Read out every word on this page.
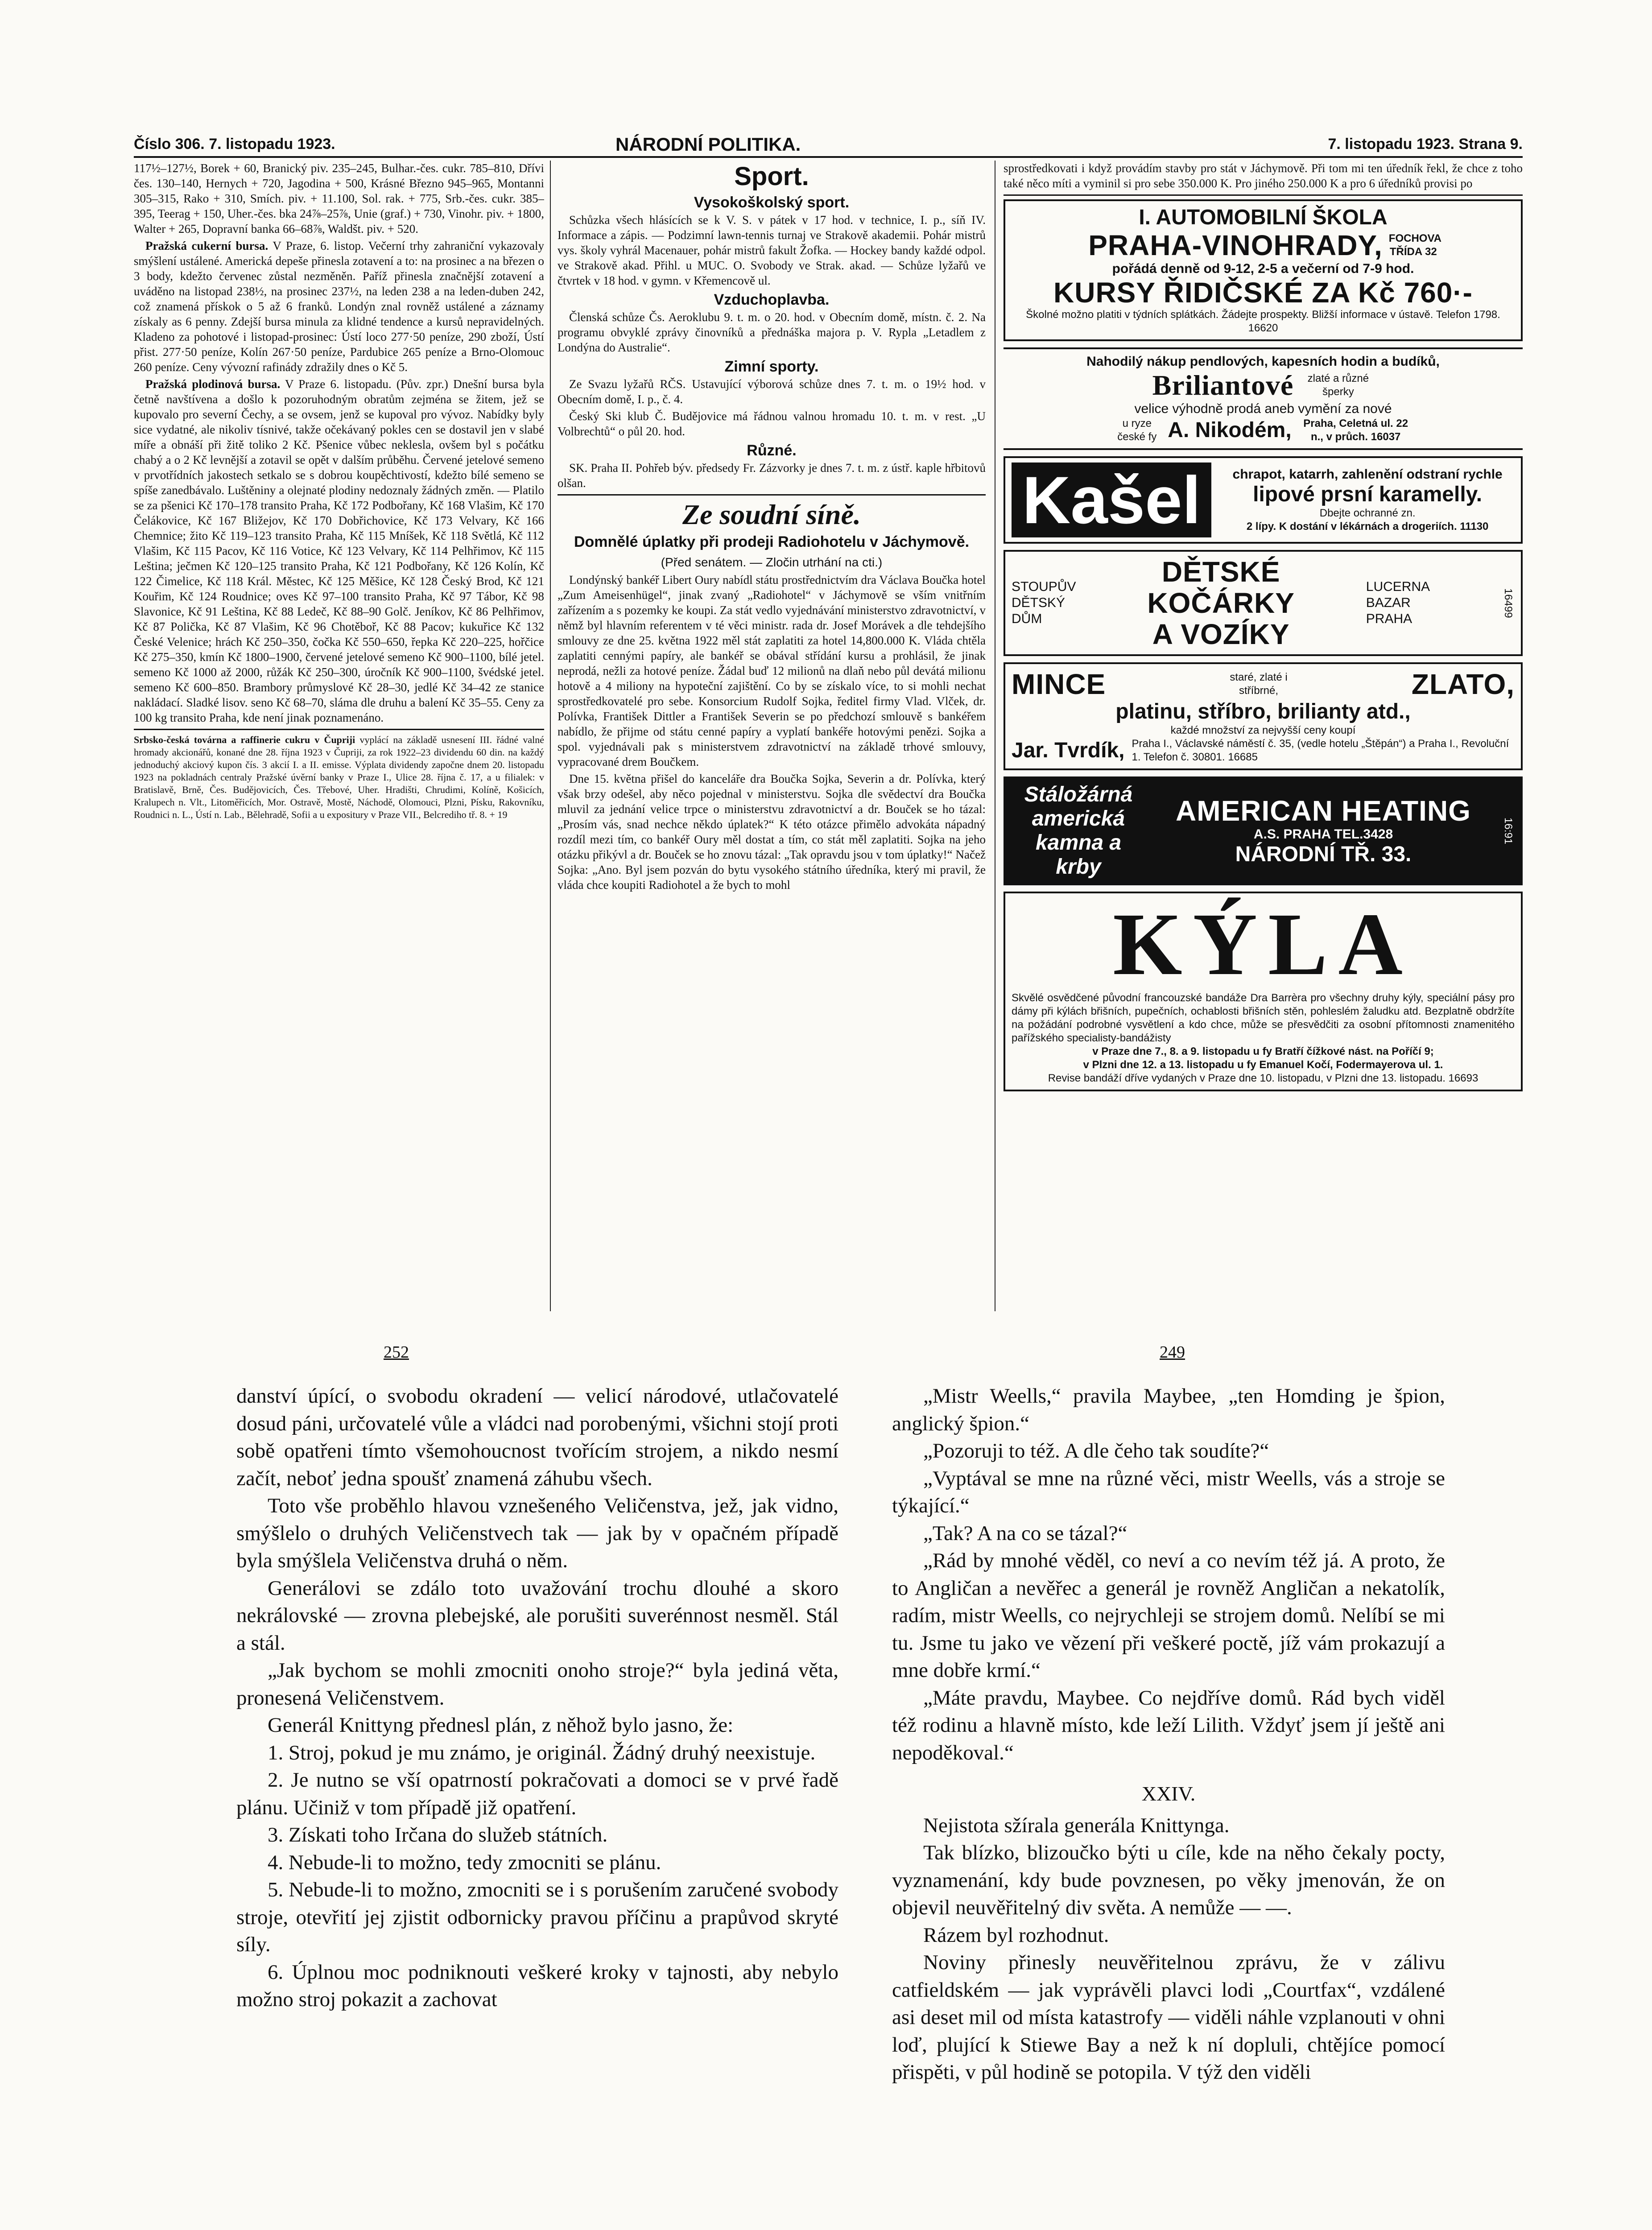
Číslo 306. 7. listopadu 1923.	NÁRODNÍ POLITIKA.	7. listopadu 1923. Strana 9.

117½–127½, Borek + 60, Branický piv. 235–245, Bulhar.-čes. cukr. 785–810, Dřívi čes. 130–140, Hernych + 720, Jagodina + 500, Krásné Březno 945–965, Montanni 305–315, Rako + 310, Smích. piv. + 11.100, Sol. rak. + 775, Srb.-čes. cukr. 385–395, Teerag + 150, Uher.-čes. bka 24⅞–25⅞, Unie (graf.) + 730, Vinohr. piv. + 1800, Walter + 265, Dopravní banka 66–68⅞, Waldšt. piv. + 520.

Pražská cukerní bursa. V Praze, 6. listop. Večerní trhy zahraniční vykazovaly smýšlení ustálené. Americká depeše přinesla zotavení a to: na prosinec a na březen o 3 body, kdežto červenec zůstal nezměněn. Paříž přinesla značnější zotavení a uváděno na listopad 238½, na prosinec 237½, na leden 238 a na leden-duben 242, což znamená přískok o 5 až 6 franků. Londýn znal rovněž ustálené a záznamy získaly as 6 penny. Zdejší bursa minula za klidné tendence a kursů nepravidelných. Kladeno za pohotové i listopad-prosinec: Ústí loco 277·50 peníze, 290 zboží, Ústí přist. 277·50 peníze, Kolín 267·50 peníze, Pardubice 265 peníze a Brno-Olomouc 260 peníze. Ceny vývozní rafinády zdražily dnes o Kč 5.

Pražská plodinová bursa. V Praze 6. listopadu. (Pův. zpr.) Dnešní bursa byla četně navštívena a došlo k pozoruhodným obratům zejména se žitem, jež se kupovalo pro severní Čechy, a se ovsem, jenž se kupoval pro vývoz. Nabídky byly sice vydatné, ale nikoliv tísnivé, takže očekávaný pokles cen se dostavil jen v slabé míře a obnáší při žitě toliko 2 Kč. Pšenice vůbec neklesla, ovšem byl s počátku chabý a o 2 Kč levnější a zotavil se opět v dalším průběhu. Červené jetelové semeno v prvotřídních jakostech setkalo se s dobrou koupěchtivostí, kdežto bílé semeno se spíše zanedbávalo. Luštěniny a olejnaté plodiny nedoznaly žádných změn. — Platilo se za pšenici Kč 170–178 transito Praha, Kč 172 Podbořany, Kč 168 Vlašim, Kč 170 Čelákovice, Kč 167 Bližejov, Kč 170 Dobřichovice, Kč 173 Velvary, Kč 166 Chemnice; žito Kč 119–123 transito Praha, Kč 115 Mníšek, Kč 118 Světlá, Kč 112 Vlašim, Kč 115 Pacov, Kč 116 Votice, Kč 123 Velvary, Kč 114 Pelhřimov, Kč 115 Leština; ječmen Kč 120–125 transito Praha, Kč 121 Podbořany, Kč 126 Kolín, Kč 122 Čimelice, Kč 118 Král. Městec, Kč 125 Měšice, Kč 128 Český Brod, Kč 121 Kouřim, Kč 124 Roudnice; oves Kč 97–100 transito Praha, Kč 97 Tábor, Kč 98 Slavonice, Kč 91 Leština, Kč 88 Ledeč, Kč 88–90 Golč. Jeníkov, Kč 86 Pelhřimov, Kč 87 Polička, Kč 87 Vlašim, Kč 96 Chotěboř, Kč 88 Pacov; kukuřice Kč 132 České Velenice; hrách Kč 250–350, čočka Kč 550–650, řepka Kč 220–225, hořčice Kč 275–350, kmín Kč 1800–1900, červené jetelové semeno Kč 900–1100, bílé jetel. semeno Kč 1000 až 2000, růžák Kč 250–300, úročník Kč 900–1100, švédské jetel. semeno Kč 600–850. Brambory průmyslové Kč 28–30, jedlé Kč 34–42 ze stanice nakládací. Sladké lisov. seno Kč 68–70, sláma dle druhu a balení Kč 35–55. Ceny za 100 kg transito Praha, kde není jinak poznamenáno.

Srbsko-česká továrna a raffinerie cukru v Čupriji vyplácí na základě usnesení III. řádné valné hromady akcionářů, konané dne 28. října 1923 v Čupriji, za rok 1922–23 dividendu 60 din. na každý jednoduchý akciový kupon čís. 3 akcií I. a II. emisse. Výplata dividendy započne dnem 20. listopadu 1923 na pokladnách centraly Pražské úvěrní banky v Praze I., Ulice 28. října č. 17, a u filialek: v Bratislavě, Brně, Čes. Budějovicích, Čes. Třebové, Uher. Hradišti, Chrudimi, Kolíně, Košicích, Kralupech n. Vlt., Litoměřicích, Mor. Ostravě, Mostě, Náchodě, Olomouci, Plzni, Písku, Rakovníku, Roudnici n. L., Ústí n. Lab., Bělehradě, Sofii a u expositury v Praze VII., Belcrediho tř. 8. + 19

Sport.
Vysokoškolský sport.

Schůzka všech hlásících se k V. S. v pátek v 17 hod. v technice, I. p., síň IV. Informace a zápis. — Podzimní lawn-tennis turnaj ve Strakově akademii. Pohár mistrů vys. školy vyhrál Macenauer, pohár mistrů fakult Žofka. — Hockey bandy každé odpol. ve Strakově akad. Přihl. u MUC. O. Svobody ve Strak. akad. — Schůze lyžařů ve čtvrtek v 18 hod. v gymn. v Křemencově ul.

Vzduchoplavba.

Členská schůze Čs. Aeroklubu 9. t. m. o 20. hod. v Obecním domě, místn. č. 2. Na programu obvyklé zprávy činovníků a přednáška majora p. V. Rypla „Letadlem z Londýna do Australie“.

Zimní sporty.

Ze Svazu lyžařů RČS. Ustavující výborová schůze dnes 7. t. m. o 19½ hod. v Obecním domě, I. p., č. 4.

Český Ski klub Č. Budějovice má řádnou valnou hromadu 10. t. m. v rest. „U Volbrechtů“ o půl 20. hod.

Různé.

SK. Praha II. Pohřeb býv. předsedy Fr. Zázvorky je dnes 7. t. m. z ústř. kaple hřbitovů olšan.

Ze soudní síně.
Domnělé úplatky při prodeji Radiohotelu v Jáchymově.
(Před senátem. — Zločin utrhání na cti.)

Londýnský bankéř Libert Oury nabídl státu prostřednictvím dra Václava Boučka hotel „Zum Ameisenhügel“, jinak zvaný „Radiohotel“ v Jáchymově se vším vnitřním zařízením a s pozemky ke koupi. Za stát vedlo vyjednávání ministerstvo zdravotnictví, v němž byl hlavním referentem v té věci ministr. rada dr. Josef Morávek a dle tehdejšího smlouvy ze dne 25. května 1922 měl stát zaplatiti za hotel 14,800.000 K. Vláda chtěla zaplatiti cennými papíry, ale bankéř se obával střídání kursu a prohlásil, že jinak neprodá, nežli za hotové peníze. Žádal buď 12 milionů na dlaň nebo půl devátá milionu hotově a 4 miliony na hypoteční zajištění. Co by se získalo více, to si mohli nechat sprostředkovatelé pro sebe. Konsorcium Rudolf Sojka, ředitel firmy Vlad. Vlček, dr. Polívka, František Dittler a František Severin se po předchozí smlouvě s bankéřem nabídlo, že přijme od státu cenné papíry a vyplatí bankéře hotovými penězi. Sojka a spol. vyjednávali pak s ministerstvem zdravotnictví na základě trhové smlouvy, vypracované drem Boučkem.

Dne 15. května přišel do kanceláře dra Boučka Sojka, Severin a dr. Polívka, který však brzy odešel, aby něco pojednal v ministerstvu. Sojka dle svědectví dra Boučka mluvil za jednání velice trpce o ministerstvu zdravotnictví a dr. Bouček se ho tázal: „Prosím vás, snad nechce někdo úplatek?“ K této otázce přimělo advokáta nápadný rozdíl mezi tím, co bankéř Oury měl dostat a tím, co stát měl zaplatiti. Sojka na jeho otázku přikývl a dr. Bouček se ho znovu tázal: „Tak opravdu jsou v tom úplatky!“ Načež Sojka: „Ano. Byl jsem pozván do bytu vysokého státního úředníka, který mi pravil, že vláda chce koupiti Radiohotel a že bych to mohl

sprostředkovati i když provádím stavby pro stát v Jáchymově. Při tom mi ten úředník řekl, že chce z toho také něco míti a vyminil si pro sebe 350.000 K. Pro jiného 250.000 K a pro 6 úředníků provisi po

I. AUTOMOBILNÍ ŠKOLA
PRAHA-VINOHRADY, FOCHOVA TŘÍDA 32
pořádá denně od 9-12, 2-5 a večerní od 7-9 hod.
KURSY ŘIDIČSKÉ ZA Kč 760·-
Školné možno platiti v týdních splátkách. Žádejte prospekty. Bližší informace v ústavě. Telefon 1798. 16620
Nahodilý nákup pendlových, kapesních hodin a budíků,
Briliantové	zlaté a různé šperky
velice výhodně prodá aneb vymění za nové
u ryze české fy A. Nikodém,	Praha, Celetná ul. 22 n., v průch. 16037
Kašel	chrapot, katarrh, zahlenění odstraní rychle
lipové prsní karamelly.
Dbejte ochranné zn.
2 lípy. K dostání v lékárnách a drogeriích. 11130
STOUPŮV
DĚTSKÝ
DŮM
DĚTSKÉ
KOČÁRKY
A VOZÍKY
LUCERNA
BAZAR
PRAHA
16499
MINCE	staré, zlaté i stříbrné,	ZLATO,
platinu, stříbro, brilianty atd.,
každé množství za nejvyšší ceny koupí
Jar. Tvrdík, Praha I., Václavské náměstí č. 35, (vedle hotelu „Štěpán“) a Praha I., Revoluční 1. Telefon č. 30801. 16685
Stáložárná americká kamna a krby
AMERICAN HEATING
A.S. PRAHA TEL.3428
NÁRODNÍ TŘ. 33.
16:91
KÝLA
Skvělé osvědčené původní francouzské bandáže Dra Barrèra pro všechny druhy kýly, speciální pásy pro dámy při kýlách břišních, pupečních, ochablosti břišních stěn, pohleslém žaludku atd. Bezplatně obdržíte na požádání podrobné vysvětlení a kdo chce, může se přesvědčiti za osobní přítomnosti znamenitého pařížského specialisty-bandážisty
v Praze dne 7., 8. a 9. listopadu u fy Bratří čížkové nást. na Poříčí 9;
v Plzni dne 12. a 13. listopadu u fy Emanuel Kočí, Fodermayerova ul. 1.
Revise bandáží dříve vydaných v Praze dne 10. listopadu, v Plzni dne 13. listopadu. 16693
252	249

danství úpící, o svobodu okradení — velicí národové, utlačovatelé dosud páni, určovatelé vůle a vládci nad porobenými, všichni stojí proti sobě opatřeni tímto všemohoucnost tvořícím strojem, a nikdo nesmí začít, neboť jedna spoušť znamená záhubu všech.

Toto vše proběhlo hlavou vznešeného Veličenstva, jež, jak vidno, smýšlelo o druhých Veličenstvech tak — jak by v opačném případě byla smýšlela Veličenstva druhá o něm.

Generálovi se zdálo toto uvažování trochu dlouhé a skoro nekrálovské — zrovna plebejské, ale porušiti suverénnost nesměl. Stál a stál.

„Jak bychom se mohli zmocniti onoho stroje?“ byla jediná věta, pronesená Veličenstvem.

Generál Knittyng přednesl plán, z něhož bylo jasno, že:

1. Stroj, pokud je mu známo, je originál. Žádný druhý neexistuje.

2. Je nutno se vší opatrností pokračovati a domoci se v prvé řadě plánu. Učiniž v tom případě již opatření.

3. Získati toho Irčana do služeb státních.

4. Nebude-li to možno, tedy zmocniti se plánu.

5. Nebude-li to možno, zmocniti se i s porušením zaručené svobody stroje, otevřití jej zjistit odbornicky pravou příčinu a prapůvod skryté síly.

6. Úplnou moc podniknouti veškeré kroky v tajnosti, aby nebylo možno stroj pokazit a zachovat

„Mistr Weells,“ pravila Maybee, „ten Homding je špion, anglický špion.“

„Pozoruji to též. A dle čeho tak soudíte?“

„Vyptával se mne na různé věci, mistr Weells, vás a stroje se týkající.“

„Tak? A na co se tázal?“

„Rád by mnohé věděl, co neví a co nevím též já. A proto, že to Angličan a nevěřec a generál je rovněž Angličan a nekatolík, radím, mistr Weells, co nejrychleji se strojem domů. Nelíbí se mi tu. Jsme tu jako ve vězení při veškeré poctě, jíž vám prokazují a mne dobře krmí.“

„Máte pravdu, Maybee. Co nejdříve domů. Rád bych viděl též rodinu a hlavně místo, kde leží Lilith. Vždyť jsem jí ještě ani nepoděkoval.“

XXIV.

Nejistota sžírala generála Knittynga.

Tak blízko, blizoučko býti u cíle, kde na něho čekaly pocty, vyznamenání, kdy bude povznesen, po věky jmenován, že on objevil neuvěřitelný div světa. A nemůže — —.

Rázem byl rozhodnut.

Noviny přinesly neuvěřitelnou zprávu, že v zálivu catfieldském — jak vyprávěli plavci lodi „Courtfax“, vzdálené asi deset mil od místa katastrofy — viděli náhle vzplanouti v ohni loď, plující k Stiewe Bay a než k ní dopluli, chtějíce pomocí přispěti, v půl hodině se potopila. V týž den viděli
